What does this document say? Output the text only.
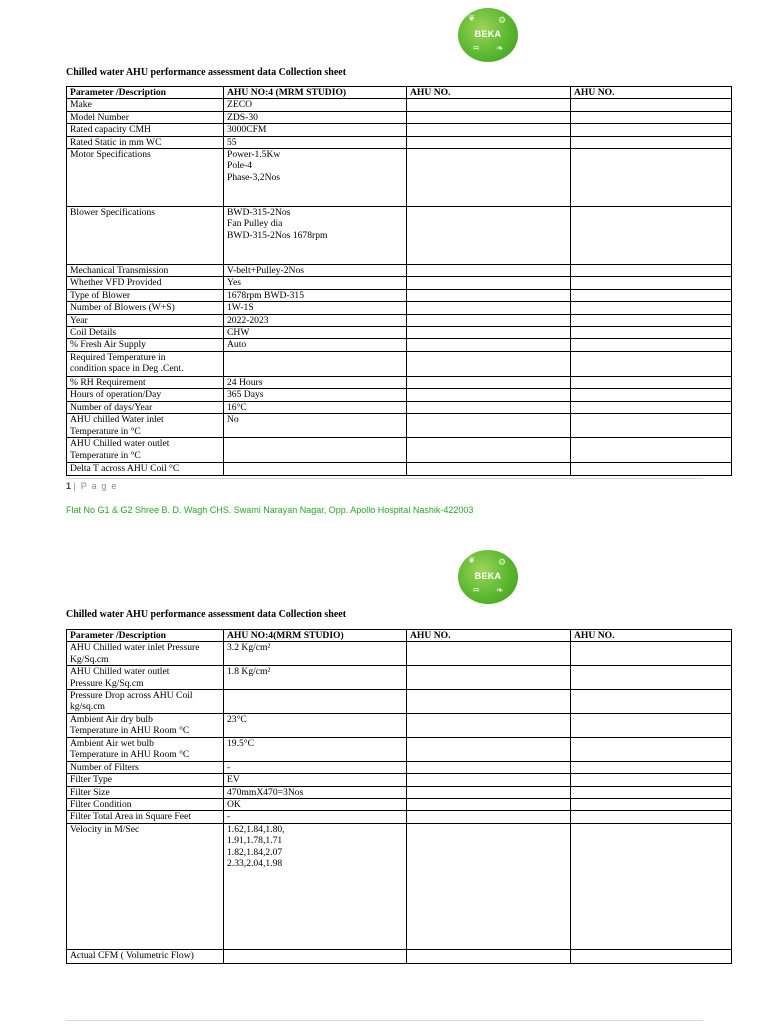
❦ ⚙
❧
♒
BEKA
Chilled water AHU performance assessment data Collection sheet
Parameter /Description	AHU NO:4 (MRM STUDIO)	AHU NO.	AHU NO.
Make	ZECO		
Model Number	ZDS-30		
Rated capacity CMH	3000CFM		
Rated Static in mm WC	55		
Motor Specifications	Power-1.5Kw
Pole-4
Phase-3,2Nos		
Blower Specifications	BWD-315-2Nos
Fan Pulley dia
BWD-315-2Nos 1678rpm		
Mechanical Transmission	V-belt+Pulley-2Nos		
Whether VFD Provided	Yes		
Type of Blower	1678rpm BWD-315		
Number of Blowers (W+S)	1W-1S		
Year	2022-2023		
Coil Details	CHW		
% Fresh Air Supply	Auto		
Required Temperature in
condition space in Deg .Cent.			
% RH Requirement	24 Hours		
Hours of operation/Day	365 Days		
Number of days/Year	16°C		
AHU chilled Water inlet
Temperature in °C	No		
AHU Chilled water outlet
Temperature in °C			
Delta T across AHU Coil °C			
1 | P a g e
Flat No G1 & G2 Shree B. D. Wagh CHS. Swami Narayan Nagar, Opp. Apollo Hospital Nashik-422003
❦ ⚙
❧
♒
BEKA
Chilled water AHU performance assessment data Collection sheet
Parameter /Description	AHU NO:4(MRM STUDIO)	AHU NO.	AHU NO.
AHU Chilled water inlet Pressure
Kg/Sq.cm	3.2 Kg/cm²		
AHU Chilled water outlet
Pressure Kg/Sq.cm	1.8 Kg/cm²		
Pressure Drop across AHU Coil
kg/sq.cm			
Ambient Air dry bulb
Temperature in AHU Room °C	23°C		
Ambient Air wet bulb
Temperature in AHU Room °C	19.5°C		
Number of Filters	-		
Filter Type	EV		
Filter Size	470mmX470=3Nos		
Filter Condition	OK		
Filter Total Area in Square Feet	-		
Velocity in M/Sec	1.62,1.84,1.80,
1.91,1.78,1.71
1.82,1.84,2.07
2.33,2.04,1.98		
Actual CFM ( Volumetric Flow)			
